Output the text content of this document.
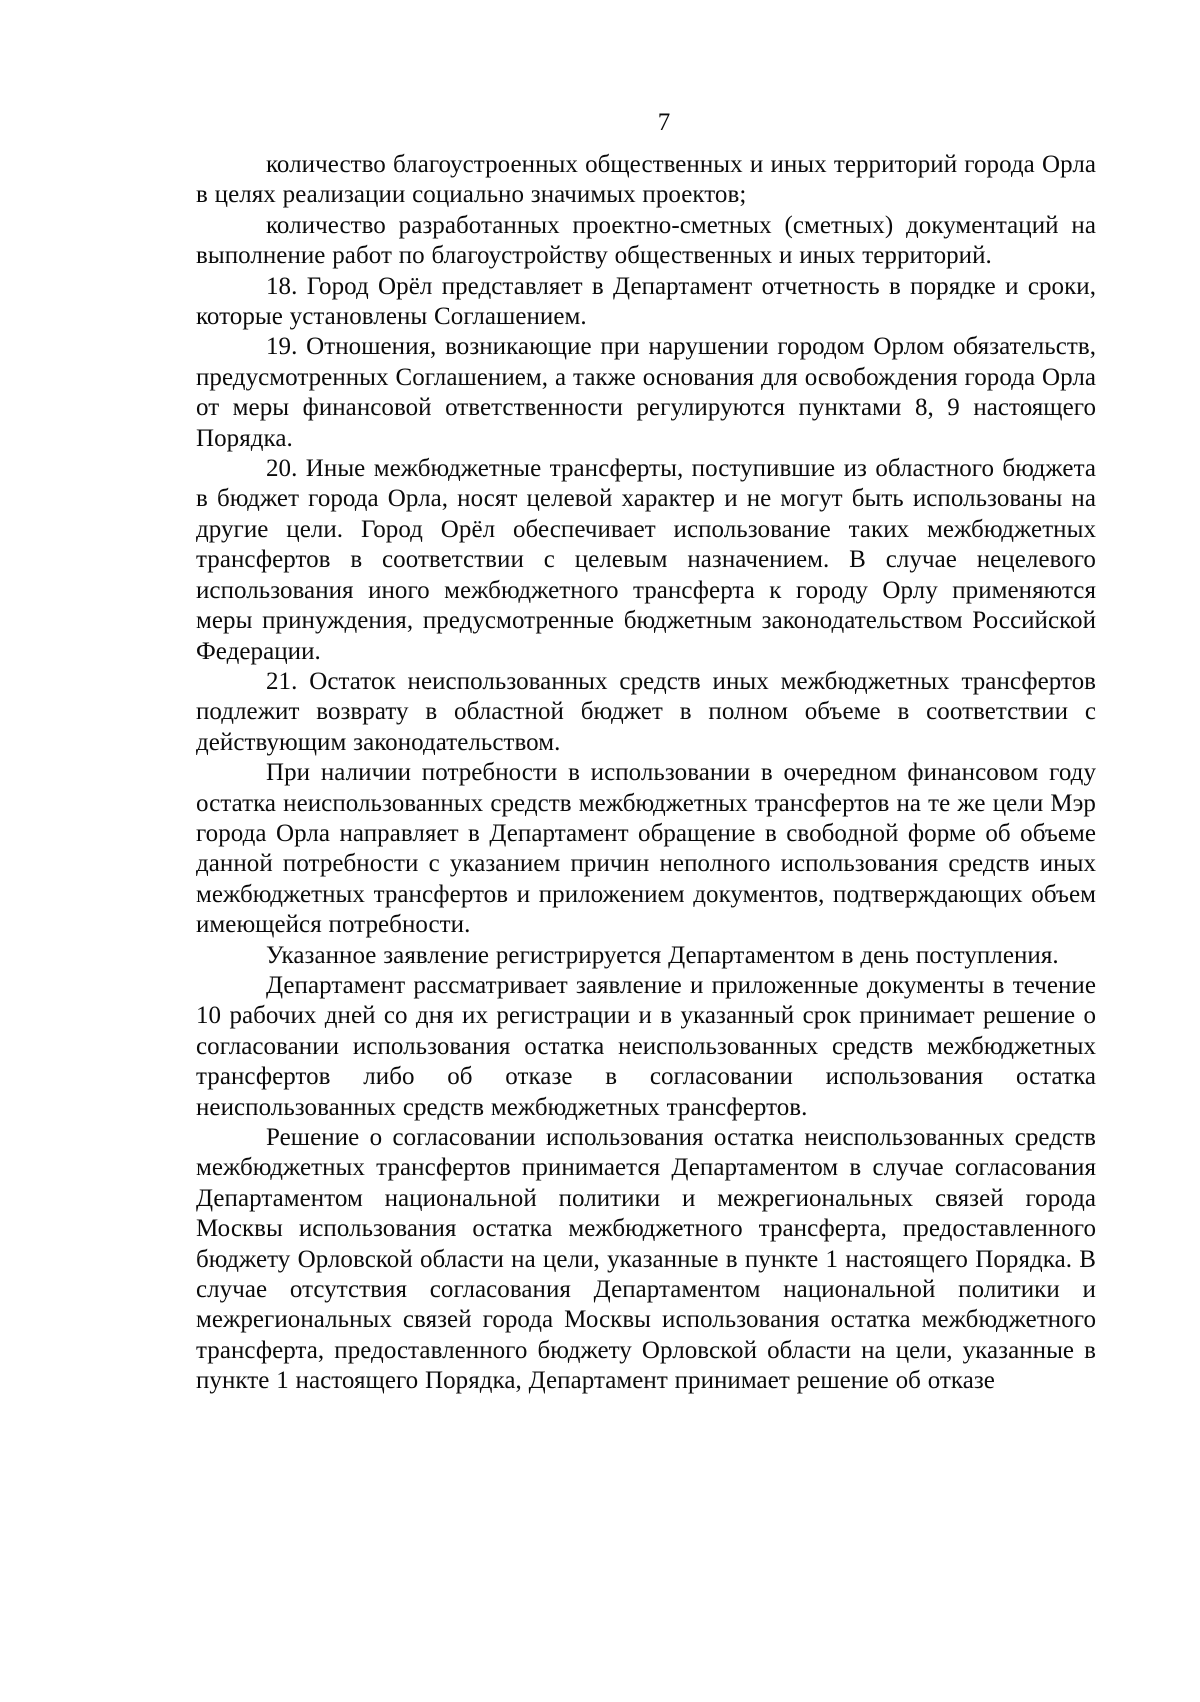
7

количество благоустроенных общественных и иных территорий города Орла в целях реализации социально значимых проектов;

количество разработанных проектно-сметных (сметных) документаций на выполнение работ по благоустройству общественных и иных территорий.

18. Город Орёл представляет в Департамент отчетность в порядке и сроки, которые установлены Соглашением.

19. Отношения, возникающие при нарушении городом Орлом обязательств, предусмотренных Соглашением, а также основания для освобождения города Орла от меры финансовой ответственности регулируются пунктами 8, 9 настоящего Порядка.

20. Иные межбюджетные трансферты, поступившие из областного бюджета в бюджет города Орла, носят целевой характер и не могут быть использованы на другие цели. Город Орёл обеспечивает использование таких межбюджетных трансфертов в соответствии с целевым назначением. В случае нецелевого использования иного межбюджетного трансферта к городу Орлу применяются меры принуждения, предусмотренные бюджетным законодательством Российской Федерации.

21. Остаток неиспользованных средств иных межбюджетных трансфертов подлежит возврату в областной бюджет в полном объеме в соответствии с действующим законодательством.

При наличии потребности в использовании в очередном финансовом году остатка неиспользованных средств межбюджетных трансфертов на те же цели Мэр города Орла направляет в Департамент обращение в свободной форме об объеме данной потребности с указанием причин неполного использования средств иных межбюджетных трансфертов и приложением документов, подтверждающих объем имеющейся потребности.

Указанное заявление регистрируется Департаментом в день поступления.

Департамент рассматривает заявление и приложенные документы в течение 10 рабочих дней со дня их регистрации и в указанный срок принимает решение о согласовании использования остатка неиспользованных средств межбюджетных трансфертов либо об отказе в согласовании использования остатка неиспользованных средств межбюджетных трансфертов.

Решение о согласовании использования остатка неиспользованных средств межбюджетных трансфертов принимается Департаментом в случае согласования Департаментом национальной политики и межрегиональных связей города Москвы использования остатка межбюджетного трансферта, предоставленного бюджету Орловской области на цели, указанные в пункте 1 настоящего Порядка. В случае отсутствия согласования Департаментом национальной политики и межрегиональных связей города Москвы использования остатка межбюджетного трансферта, предоставленного бюджету Орловской области на цели, указанные в пункте 1 настоящего Порядка, Департамент принимает решение об отказе
